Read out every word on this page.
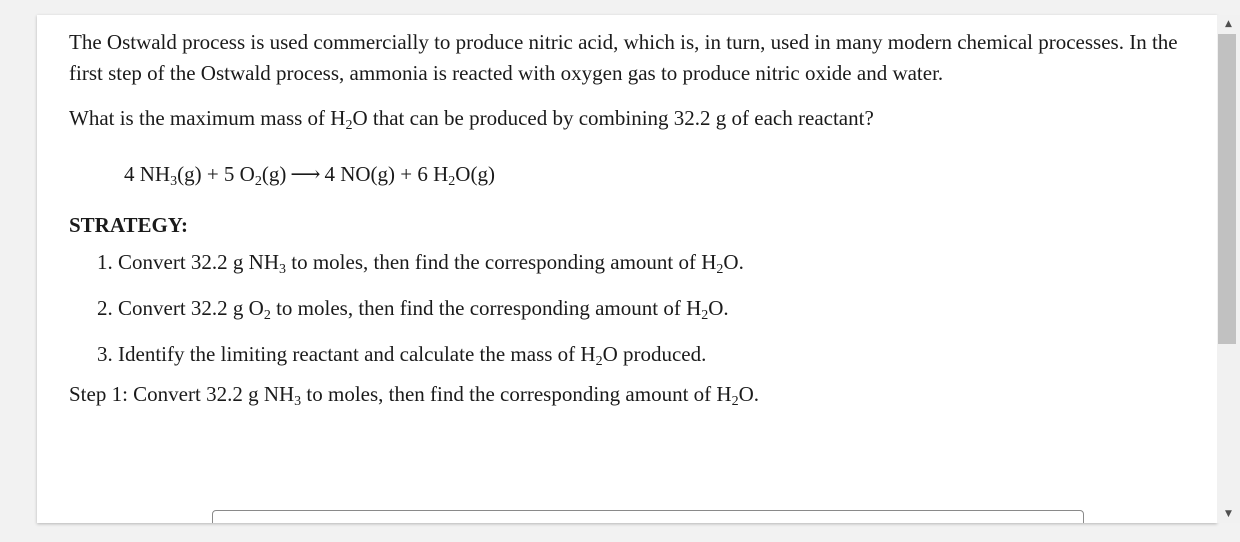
The Ostwald process is used commercially to produce nitric acid, which is, in turn, used in many modern chemical processes. In the first step of the Ostwald process, ammonia is reacted with oxygen gas to produce nitric oxide and water.

What is the maximum mass of $H_2O$ that can be produced by combining 32.2 g of each reactant?

4 $NH_3(g) + 5$ $O_2(g)$ ⟶ 4 NO(g) + 6 $H_2O(g)$
STRATEGY:
1. Convert 32.2 g $NH_3$ to moles, then find the corresponding amount of $H_2O$.
2. Convert 32.2 g $O_2$ to moles, then find the corresponding amount of $H_2O$.
3. Identify the limiting reactant and calculate the mass of $H_2O$ produced.

Step 1: Convert 32.2 g $NH_3$ to moles, then find the corresponding amount of $H_2O$.

▲
▼
